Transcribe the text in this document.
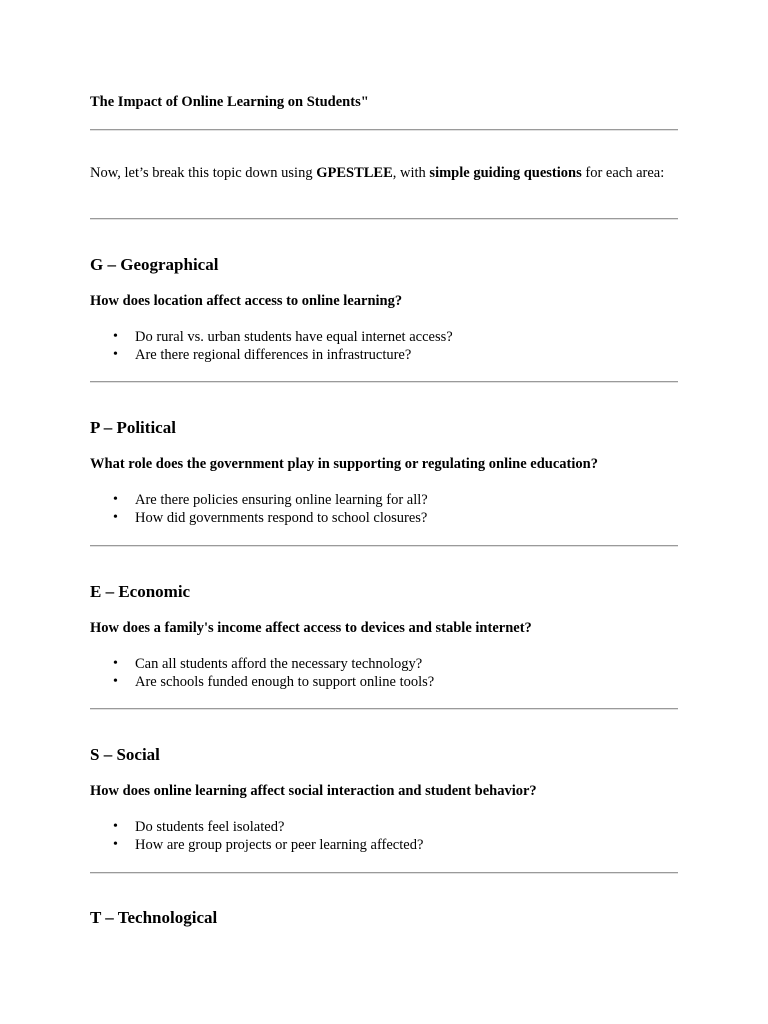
The Impact of Online Learning on Students"
Now, let’s break this topic down using GPESTLEE, with simple guiding questions for each area:
G – Geographical

How does location affect access to online learning?

• Do rural vs. urban students have equal internet access?
• Are there regional differences in infrastructure?
P – Political

What role does the government play in supporting or regulating online education?

• Are there policies ensuring online learning for all?
• How did governments respond to school closures?
E – Economic

How does a family's income affect access to devices and stable internet?

• Can all students afford the necessary technology?
• Are schools funded enough to support online tools?
S – Social

How does online learning affect social interaction and student behavior?

• Do students feel isolated?
• How are group projects or peer learning affected?
T – Technological
